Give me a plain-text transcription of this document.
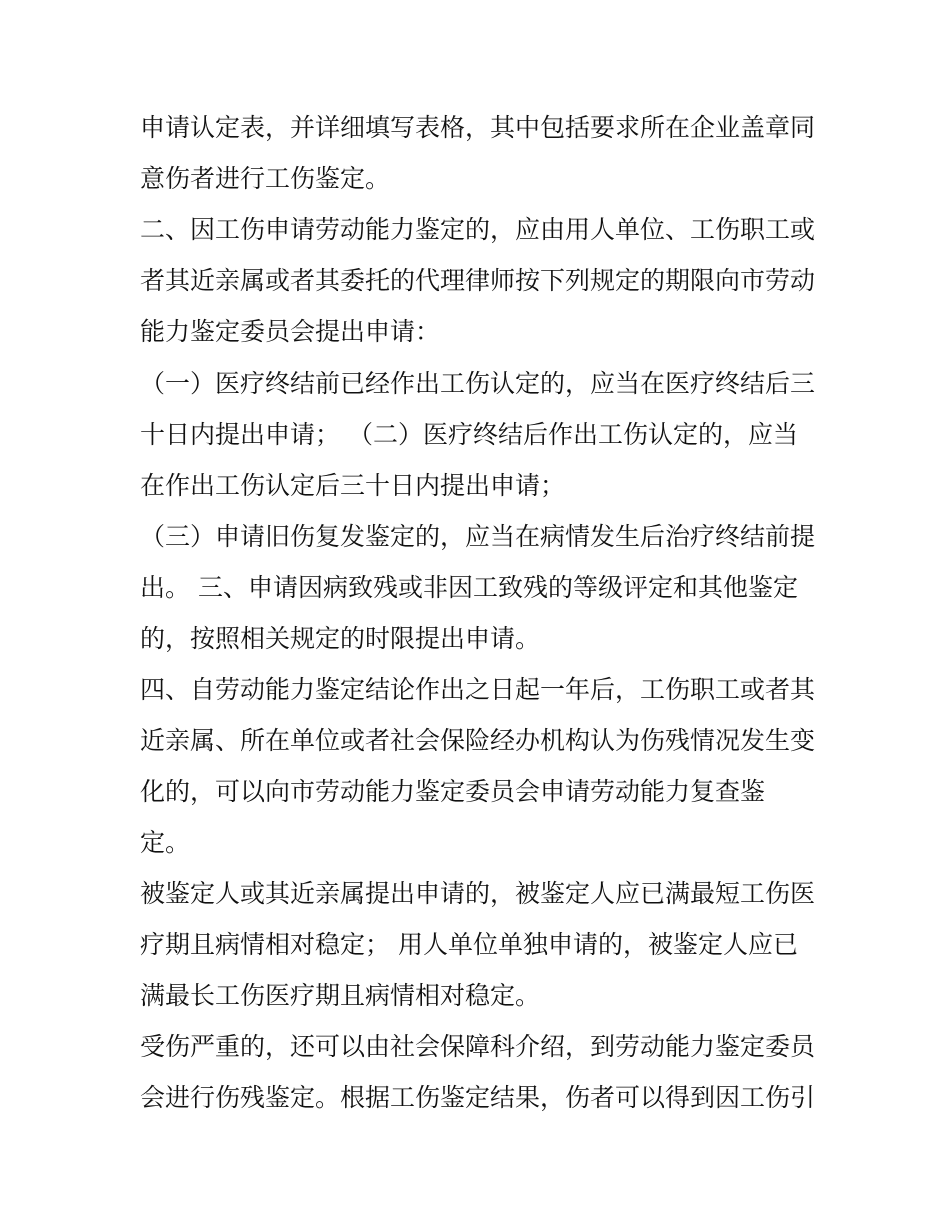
申请认定表，并详细填写表格，其中包括要求所在企业盖章同
意伤者进行工伤鉴定。
二、因工伤申请劳动能力鉴定的，应由用人单位、工伤职工或
者其近亲属或者其委托的代理律师按下列规定的期限向市劳动
能力鉴定委员会提出申请：
（一）医疗终结前已经作出工伤认定的，应当在医疗终结后三
十日内提出申请； （二）医疗终结后作出工伤认定的，应当
在作出工伤认定后三十日内提出申请；
（三）申请旧伤复发鉴定的，应当在病情发生后治疗终结前提
出。 三、申请因病致残或非因工致残的等级评定和其他鉴定
的，按照相关规定的时限提出申请。
四、自劳动能力鉴定结论作出之日起一年后，工伤职工或者其
近亲属、所在单位或者社会保险经办机构认为伤残情况发生变
化的，可以向市劳动能力鉴定委员会申请劳动能力复查鉴
定。
被鉴定人或其近亲属提出申请的，被鉴定人应已满最短工伤医
疗期且病情相对稳定； 用人单位单独申请的，被鉴定人应已
满最长工伤医疗期且病情相对稳定。
受伤严重的，还可以由社会保障科介绍，到劳动能力鉴定委员
会进行伤残鉴定。根据工伤鉴定结果，伤者可以得到因工伤引
